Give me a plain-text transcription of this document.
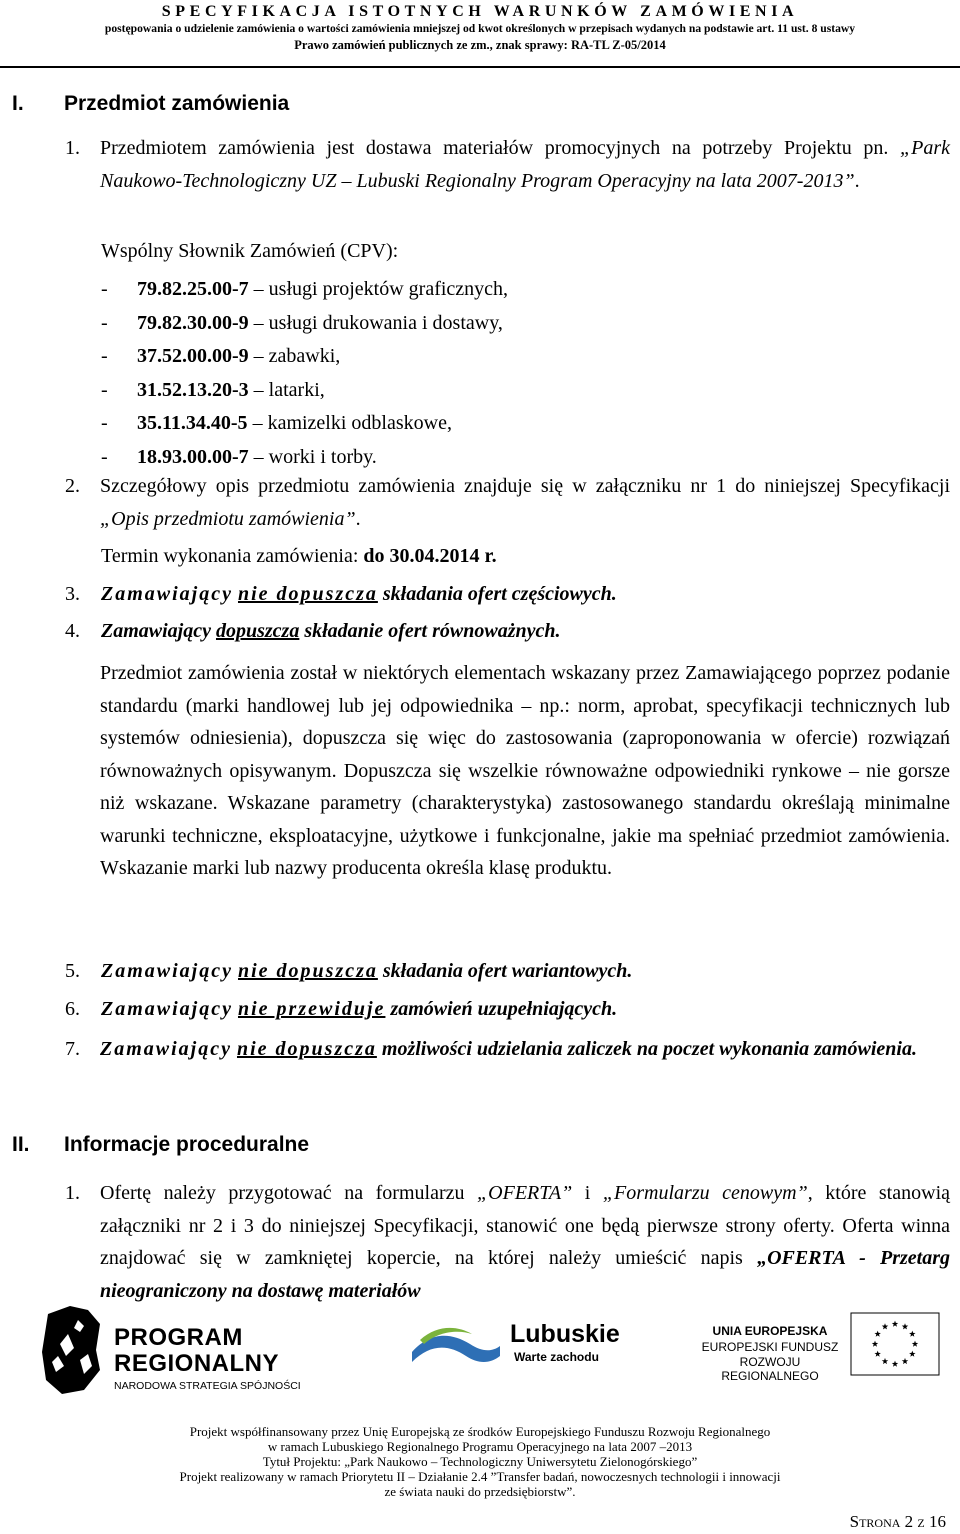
SPECYFIKACJA ISTOTNYCH WARUNKÓW ZAMÓWIENIA
postępowania o udzielenie zamówienia o wartości zamówienia mniejszej od kwot określonych w przepisach wydanych na podstawie art. 11 ust. 8 ustawy
Prawo zamówień publicznych ze zm., znak sprawy: RA-TL Z-05/2014
I. Przedmiot zamówienia
1. Przedmiotem zamówienia jest dostawa materiałów promocyjnych na potrzeby Projektu pn. „Park Naukowo-Technologiczny UZ – Lubuski Regionalny Program Operacyjny na lata 2007-2013”.
Wspólny Słownik Zamówień (CPV):
- 79.82.25.00-7 – usługi projektów graficznych,
- 79.82.30.00-9 – usługi drukowania i dostawy,
- 37.52.00.00-9 – zabawki,
- 31.52.13.20-3 – latarki,
- 35.11.34.40-5 – kamizelki odblaskowe,
- 18.93.00.00-7 – worki i torby.
2. Szczegółowy opis przedmiotu zamówienia znajduje się w załączniku nr 1 do niniejszej Specyfikacji „Opis przedmiotu zamówienia”.
Termin wykonania zamówienia: do 30.04.2014 r.
3. Zamawiający nie dopuszcza składania ofert częściowych.
4. Zamawiający dopuszcza składanie ofert równoważnych.
Przedmiot zamówienia został w niektórych elementach wskazany przez Zamawiającego poprzez podanie standardu (marki handlowej lub jej odpowiednika – np.: norm, aprobat, specyfikacji technicznych lub systemów odniesienia), dopuszcza się więc do zastosowania (zaproponowania w ofercie) rozwiązań równoważnych opisywanym. Dopuszcza się wszelkie równoważne odpowiedniki rynkowe – nie gorsze niż wskazane. Wskazane parametry (charakterystyka) zastosowanego standardu określają minimalne warunki techniczne, eksploatacyjne, użytkowe i funkcjonalne, jakie ma spełniać przedmiot zamówienia. Wskazanie marki lub nazwy producenta określa klasę produktu.
5. Zamawiający nie dopuszcza składania ofert wariantowych.
6. Zamawiający nie przewiduje zamówień uzupełniających.
7. Zamawiający nie dopuszcza możliwości udzielania zaliczek na poczet wykonania zamówienia.
II. Informacje proceduralne
1. Ofertę należy przygotować na formularzu „OFERTA” i „Formularzu cenowym”, które stanowią załączniki nr 2 i 3 do niniejszej Specyfikacji, stanowić one będą pierwsze strony oferty. Oferta winna znajdować się w zamkniętej kopercie, na której należy umieścić napis „OFERTA - Przetarg nieograniczony na dostawę materiałów
PROGRAM
REGIONALNY
NARODOWA STRATEGIA SPÓJNOŚCI
Lubuskie
Warte zachodu
UNIA EUROPEJSKA
EUROPEJSKI FUNDUSZ
ROZWOJU REGIONALNEGO
Projekt współfinansowany przez Unię Europejską ze środków Europejskiego Funduszu Rozwoju Regionalnego
w ramach Lubuskiego Regionalnego Programu Operacyjnego na lata 2007 –2013
Tytuł Projektu: „Park Naukowo – Technologiczny Uniwersytetu Zielonogórskiego”
Projekt realizowany w ramach Priorytetu II – Działanie 2.4 ”Transfer badań, nowoczesnych technologii i innowacji
ze świata nauki do przedsiębiorstw”.
Strona 2 z 16
